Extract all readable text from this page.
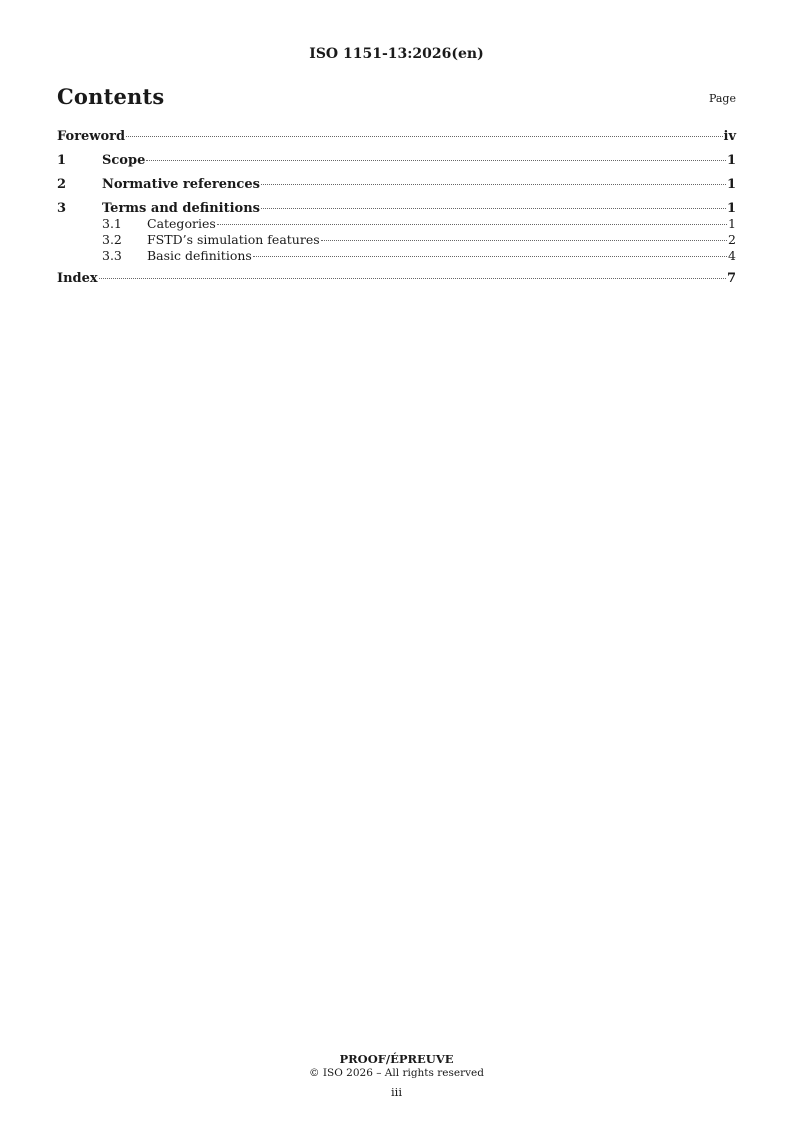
ISO 1151-13:2026(en)
Contents	Page
Foreword	iv
1	Scope	1
2	Normative references	1
3	Terms and definitions	1
3.1	Categories	1
3.2	FSTD’s simulation features	2
3.3	Basic definitions	4
Index	7
PROOF/ÉPREUVE
© ISO 2026 – All rights reserved
iii
